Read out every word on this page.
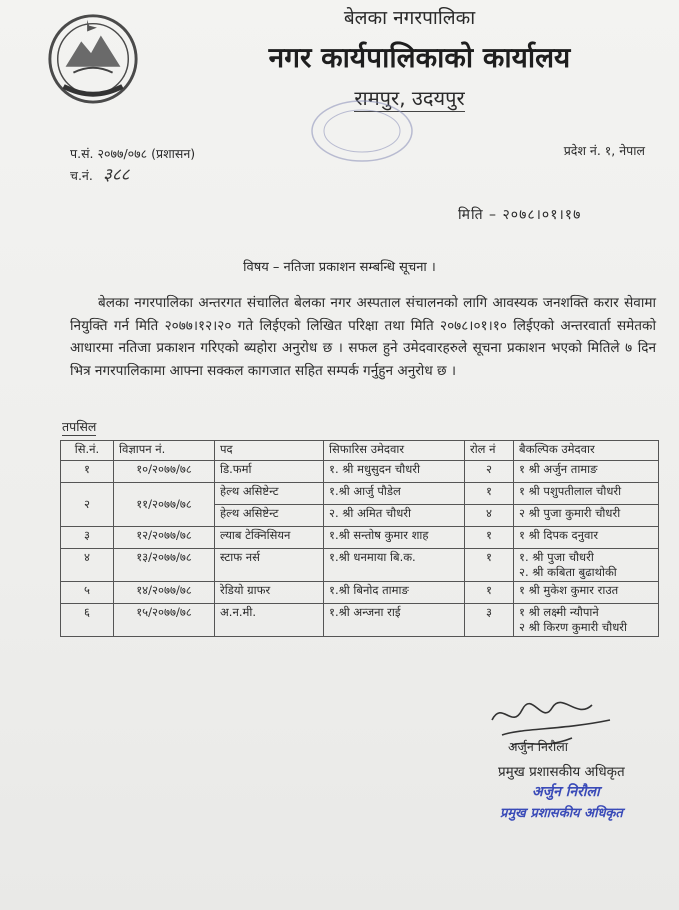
बेलका नगरपालिका
नगर कार्यपालिकाको कार्यालय
रामपुर, उदयपुर
प.सं. २०७७/०७८ (प्रशासन)
च.नं. ३८८
प्रदेश नं. १, नेपाल
मिति – २०७८।०१।१७
विषय – नतिजा प्रकाशन सम्बन्धि सूचना ।
बेलका नगरपालिका अन्तरगत संचालित बेलका नगर अस्पताल संचालनको लागि आवस्यक जनशक्ति करार सेवामा नियुक्ति गर्न मिति २०७७।१२।२० गते लिईएको लिखित परिक्षा तथा मिति २०७८।०१।१० लिईएको अन्तरवार्ता समेतको आधारमा नतिजा प्रकाशन गरिएको ब्यहोरा अनुरोध छ । सफल हुने उमेदवारहरुले सूचना प्रकाशन भएको मितिले ७ दिन भित्र नगरपालिकामा आफ्ना सक्कल कागजात सहित सम्पर्क गर्नुहुन अनुरोध छ ।
तपसिल
सि.नं.	विज्ञापन नं.	पद	सिफारिस उमेदवार	रोल नं	बैकल्पिक उमेदवार
१	१०/२०७७/७८	डि.फर्मा	१. श्री मधुसुदन चौधरी	२	१ श्री अर्जुन तामाङ
२	११/२०७७/७८	हेल्थ असिष्टेन्ट	१.श्री आर्जु पौडेल	१	१ श्री पशुपतीलाल चौधरी
		हेल्थ असिष्टेन्ट	२. श्री अमित चौधरी	४	२ श्री पुजा कुमारी चौधरी
३	१२/२०७७/७८	ल्याब टेक्निसियन	१.श्री सन्तोष कुमार शाह	१	१ श्री दिपक दनुवार
४	१३/२०७७/७८	स्टाफ नर्स	१.श्री धनमाया बि.क.	१	१. श्री पुजा चौधरी
२. श्री कबिता बुढाथोकी

५	१४/२०७७/७८	रेडियो ग्राफर	१.श्री बिनोद तामाङ	१	१ श्री मुकेश कुमार राउत
६	१५/२०७७/७८	अ.न.मी.	१.श्री अन्जना राई	३	१ श्री लक्ष्मी न्यौपाने
२ श्री किरण कुमारी चौधरी
अर्जुन निरौला
प्रमुख प्रशासकीय अधिकृत
अर्जुन निरौला
प्रमुख प्रशासकीय अधिकृत
